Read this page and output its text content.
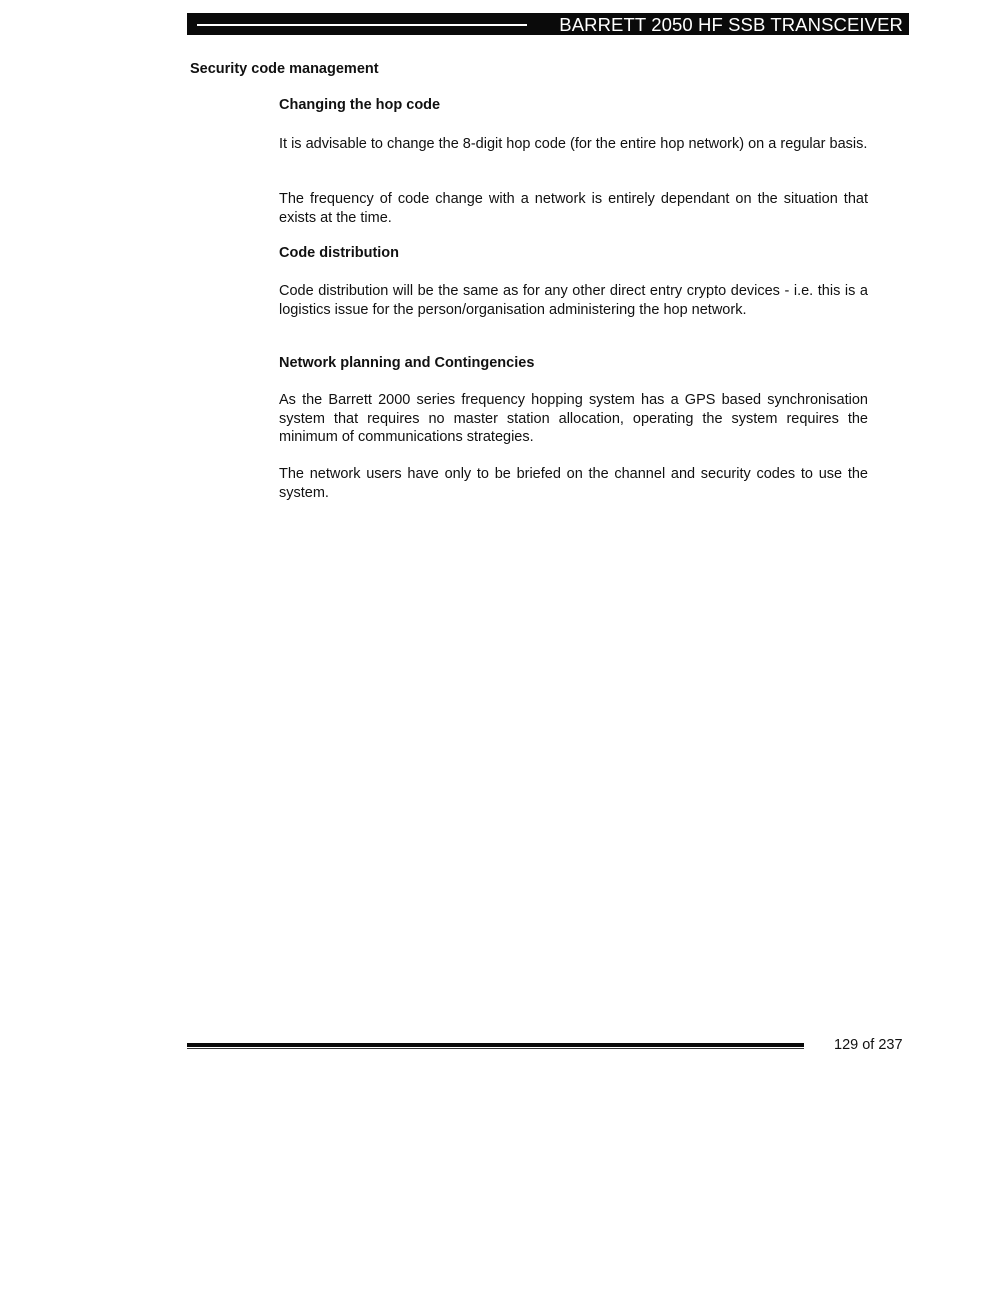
BARRETT 2050 HF SSB TRANSCEIVER
Security code management
Changing the hop code

It is advisable to change the 8-digit hop code (for the entire hop network) on a regular basis.

The frequency of code change with a network is entirely dependant on the situation that exists at the time.

Code distribution

Code distribution will be the same as for any other direct entry crypto devices - i.e. this is a logistics issue for the person/organisation administering the hop network.

Network planning and Contingencies

As the Barrett 2000 series frequency hopping system has a GPS based synchronisation system that requires no master station allocation, operating the system requires the minimum of communications strategies.

The network users have only to be briefed on the channel and security codes to use the system.

129 of 237
